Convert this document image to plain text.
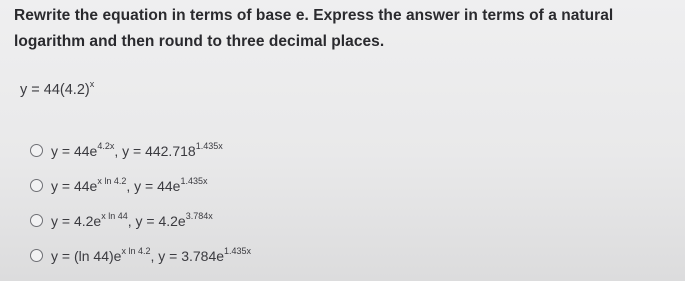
Rewrite the equation in terms of base e. Express the answer in terms of a natural logarithm and then round to three decimal places.
$y = 44(4.2)^x$
$y = 44e^{4.2x}$, $y = 442.718^{1.435x}$
$y = 44e^{x ln 4.2}$, $y = 44e^{1.435x}$
$y = 4.2e^{x ln 44}$, $y = 4.2e^{3.784x}$
y = (ln $44)e^{x ln 4.2}$, $y = 3.784e^{1.435x}$
